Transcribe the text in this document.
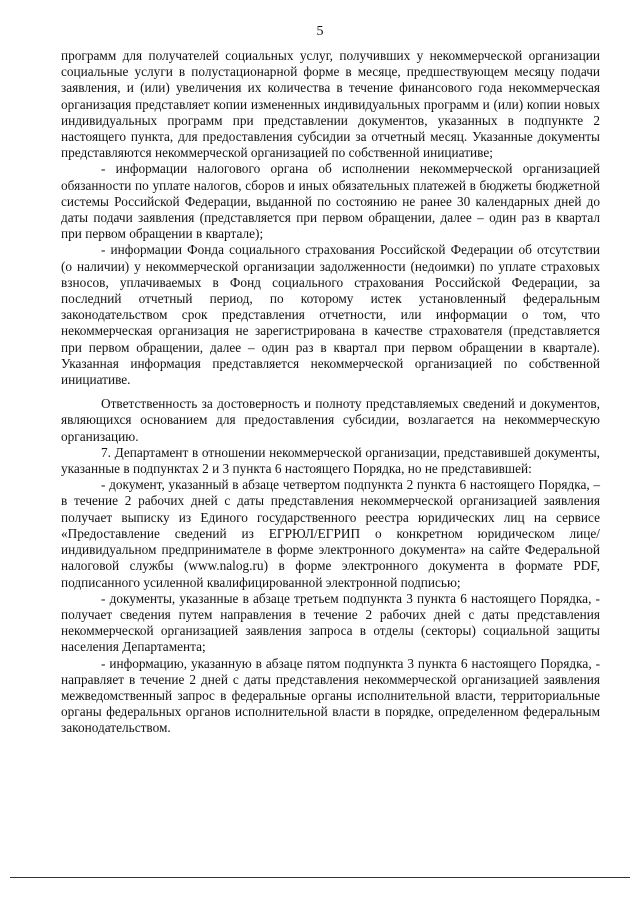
5

программ для получателей социальных услуг, получивших у некоммерческой организации социальные услуги в полустационарной форме в месяце, предшествующем месяцу подачи заявления, и (или) увеличения их количества в течение финансового года некоммерческая организация представляет копии измененных индивидуальных программ и (или) копии новых индивидуальных программ при представлении документов, указанных в подпункте 2 настоящего пункта, для предоставления субсидии за отчетный месяц. Указанные документы представляются некоммерческой организацией по собственной инициативе;

- информации налогового органа об исполнении некоммерческой организацией обязанности по уплате налогов, сборов и иных обязательных платежей в бюджеты бюджетной системы Российской Федерации, выданной по состоянию не ранее 30 календарных дней до даты подачи заявления (представляется при первом обращении, далее – один раз в квартал при первом обращении в квартале);

- информации Фонда социального страхования Российской Федерации об отсутствии (о наличии) у некоммерческой организации задолженности (недоимки) по уплате страховых взносов, уплачиваемых в Фонд социального страхования Российской Федерации, за последний отчетный период, по которому истек установленный федеральным законодательством срок представления отчетности, или информации о том, что некоммерческая организация не зарегистрирована в качестве страхователя (представляется при первом обращении, далее – один раз в квартал при первом обращении в квартале). Указанная информация представляется некоммерческой организацией по собственной инициативе.

Ответственность за достоверность и полноту представляемых сведений и документов, являющихся основанием для предоставления субсидии, возлагается на некоммерческую организацию.

7. Департамент в отношении некоммерческой организации, представившей документы, указанные в подпунктах 2 и 3 пункта 6 настоящего Порядка, но не представившей:

- документ, указанный в абзаце четвертом подпункта 2 пункта 6 настоящего Порядка, – в течение 2 рабочих дней с даты представления некоммерческой организацией заявления получает выписку из Единого государственного реестра юридических лиц на сервисе «Предоставление сведений из ЕГРЮЛ/ЕГРИП о конкретном юридическом лице/индивидуальном предпринимателе в форме электронного документа» на сайте Федеральной налоговой службы (www.nalog.ru) в форме электронного документа в формате PDF, подписанного усиленной квалифицированной электронной подписью;

- документы, указанные в абзаце третьем подпункта 3 пункта 6 настоящего Порядка, - получает сведения путем направления в течение 2 рабочих дней с даты представления некоммерческой организацией заявления запроса в отделы (секторы) социальной защиты населения Департамента;

- информацию, указанную в абзаце пятом подпункта 3 пункта 6 настоящего Порядка, - направляет в течение 2 дней с даты представления некоммерческой организацией заявления межведомственный запрос в федеральные органы исполнительной власти, территориальные органы федеральных органов исполнительной власти в порядке, определенном федеральным законодательством.
